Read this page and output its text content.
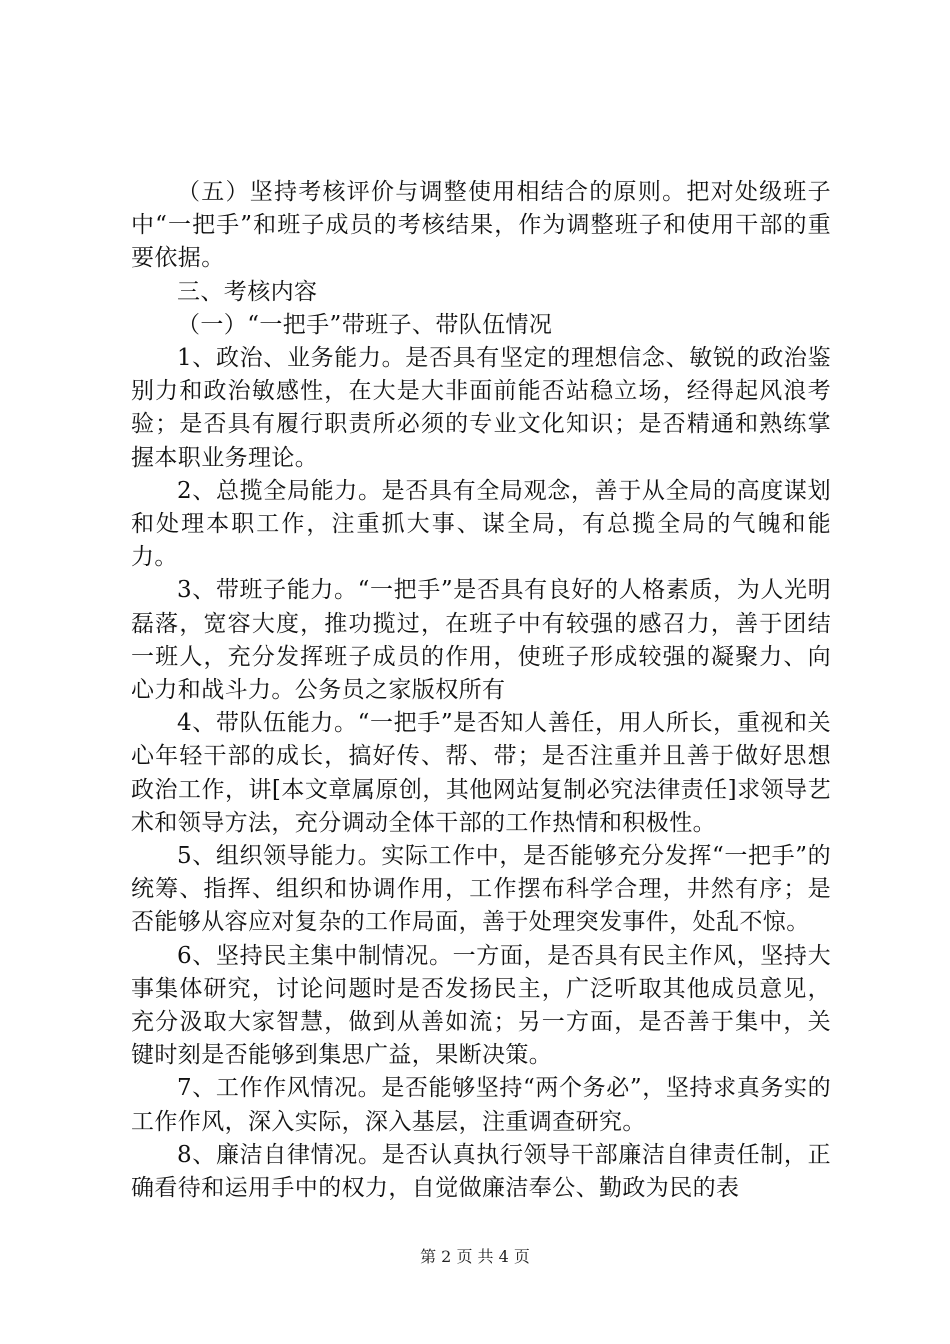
（五）坚持考核评价与调整使用相结合的原则。把对处级班子中“一把手”和班子成员的考核结果，作为调整班子和使用干部的重要依据。

三、考核内容

（一）“一把手”带班子、带队伍情况

1、政治、业务能力。是否具有坚定的理想信念、敏锐的政治鉴别力和政治敏感性，在大是大非面前能否站稳立场，经得起风浪考验；是否具有履行职责所必须的专业文化知识；是否精通和熟练掌握本职业务理论。

2、总揽全局能力。是否具有全局观念，善于从全局的高度谋划和处理本职工作，注重抓大事、谋全局，有总揽全局的气魄和能力。

3、带班子能力。“一把手”是否具有良好的人格素质，为人光明磊落，宽容大度，推功揽过，在班子中有较强的感召力，善于团结一班人，充分发挥班子成员的作用，使班子形成较强的凝聚力、向心力和战斗力。公务员之家版权所有

4、带队伍能力。“一把手”是否知人善任，用人所长，重视和关心年轻干部的成长，搞好传、帮、带；是否注重并且善于做好思想政治工作，讲[本文章属原创，其他网站复制必究法律责任]求领导艺术和领导方法，充分调动全体干部的工作热情和积极性。

5、组织领导能力。实际工作中，是否能够充分发挥“一把手”的统筹、指挥、组织和协调作用，工作摆布科学合理，井然有序；是否能够从容应对复杂的工作局面，善于处理突发事件，处乱不惊。

6、坚持民主集中制情况。一方面，是否具有民主作风，坚持大事集体研究，讨论问题时是否发扬民主，广泛听取其他成员意见，充分汲取大家智慧，做到从善如流；另一方面，是否善于集中，关键时刻是否能够到集思广益，果断决策。

7、工作作风情况。是否能够坚持“两个务必”，坚持求真务实的工作作风，深入实际，深入基层，注重调查研究。

8、廉洁自律情况。是否认真执行领导干部廉洁自律责任制，正确看待和运用手中的权力，自觉做廉洁奉公、勤政为民的表

第 2 页 共 4 页
